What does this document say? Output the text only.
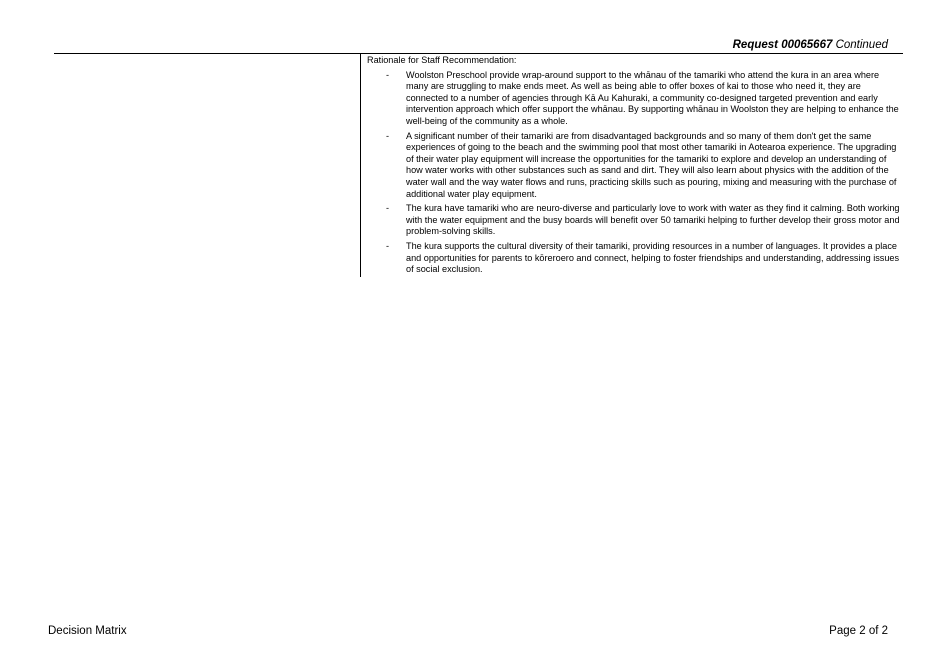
Request 00065667 Continued
Rationale for Staff Recommendation:
- Woolston Preschool provide wrap-around support to the whānau of the tamariki who attend the kura in an area where many are struggling to make ends meet. As well as being able to offer boxes of kai to those who need it, they are connected to a number of agencies through Kā Au Kahuraki, a community co-designed targeted prevention and early intervention approach which offer support the whānau. By supporting whānau in Woolston they are helping to enhance the well-being of the community as a whole.
- A significant number of their tamariki are from disadvantaged backgrounds and so many of them don't get the same experiences of going to the beach and the swimming pool that most other tamariki in Aotearoa experience. The upgrading of their water play equipment will increase the opportunities for the tamariki to explore and develop an understanding of how water works with other substances such as sand and dirt. They will also learn about physics with the addition of the water wall and the way water flows and runs, practicing skills such as pouring, mixing and measuring with the purchase of additional water play equipment.
- The kura have tamariki who are neuro-diverse and particularly love to work with water as they find it calming. Both working with the water equipment and the busy boards will benefit over 50 tamariki helping to further develop their gross motor and problem-solving skills.
- The kura supports the cultural diversity of their tamariki, providing resources in a number of languages. It provides a place and opportunities for parents to kōreroero and connect, helping to foster friendships and understanding, addressing issues of social exclusion.
Decision Matrix	Page 2 of 2
